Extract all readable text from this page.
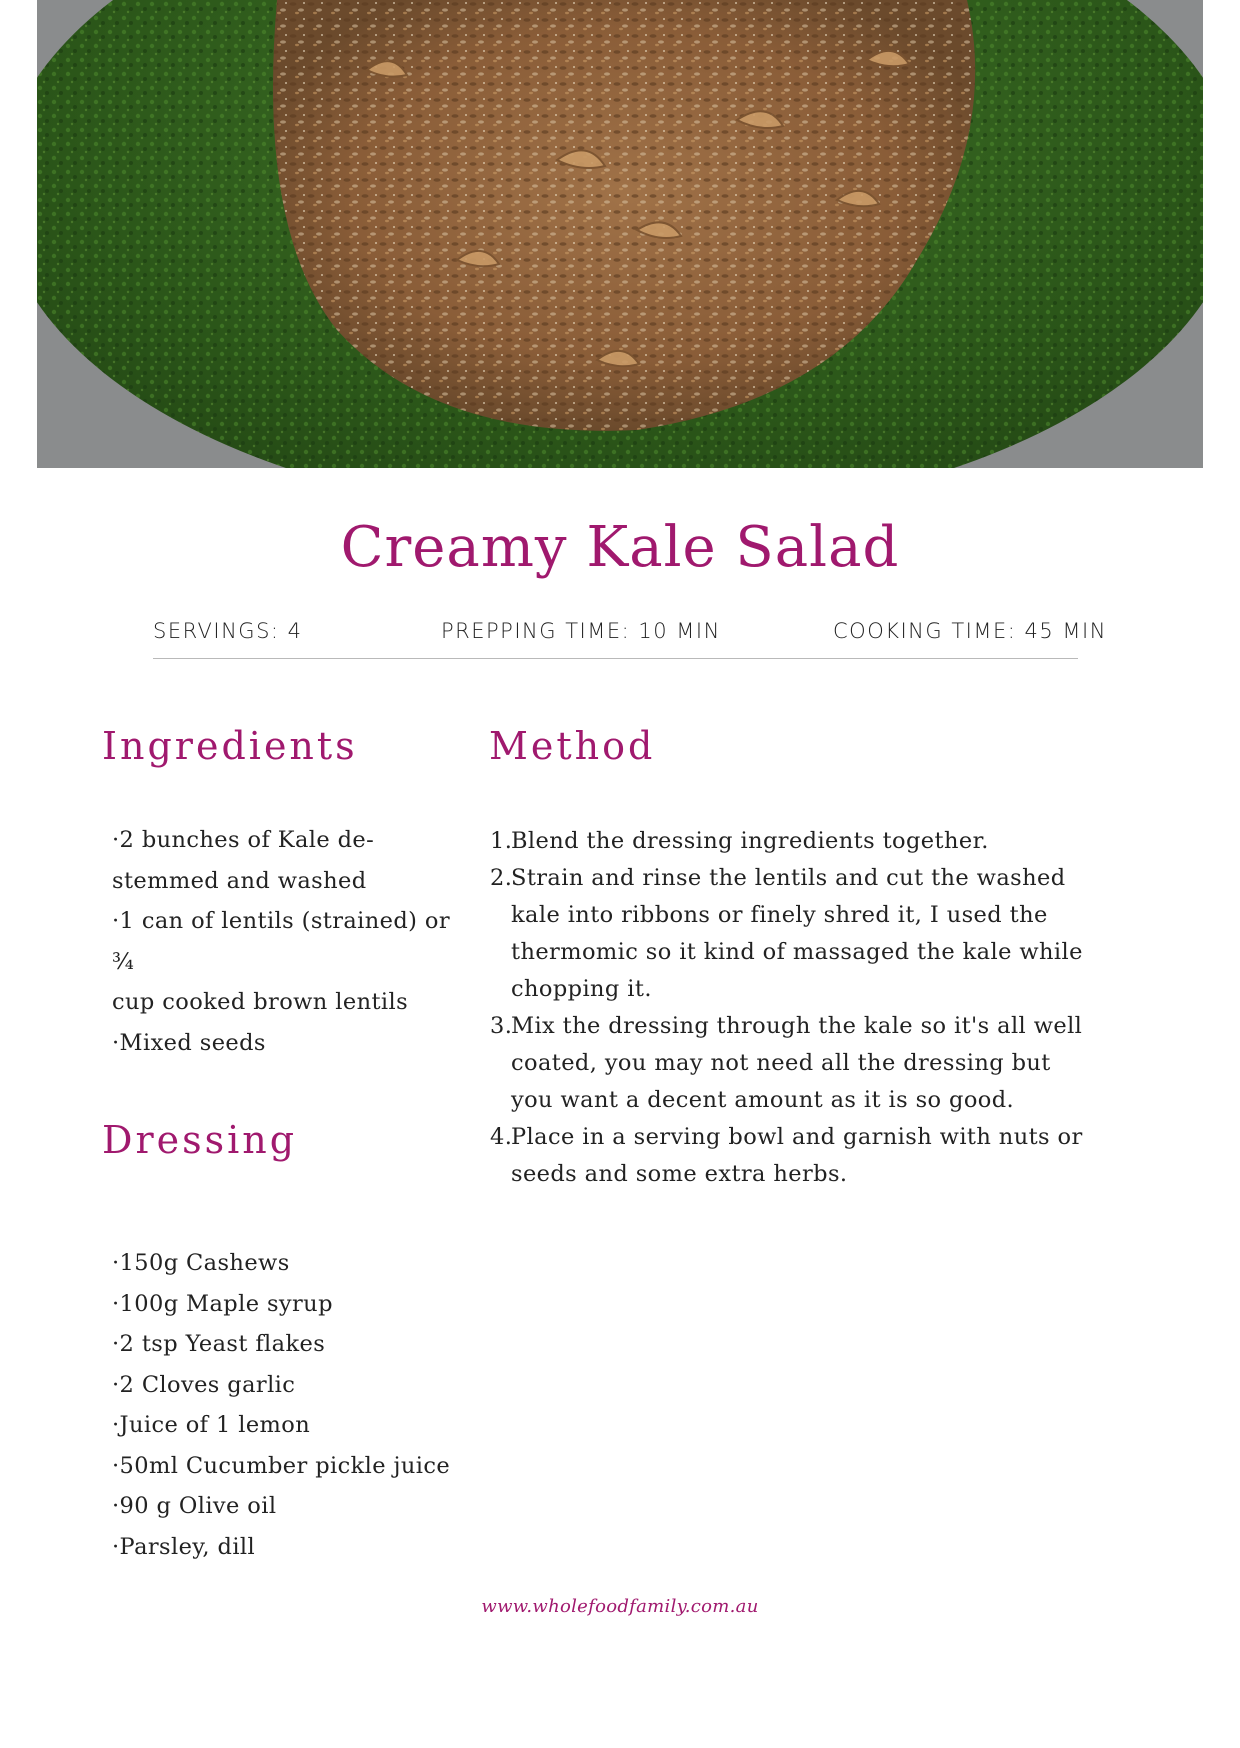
Creamy Kale Salad
SERVINGS: 4	PREPPING TIME: 10 MIN	COOKING TIME: 45 MIN
Ingredients
·2 bunches of Kale de-
stemmed and washed
·1 can of lentils (strained) or ¾
cup cooked brown lentils
·Mixed seeds
Dressing
·150g Cashews
·100g Maple syrup
·2 tsp Yeast flakes
·2 Cloves garlic
·Juice of 1 lemon
·50ml Cucumber pickle juice
·90 g Olive oil
·Parsley, dill
Method
1.
Blend the dressing ingredients together.
2.
Strain and rinse the lentils and cut the washed kale into ribbons or finely shred it, I used the thermomic so it kind of massaged the kale while chopping it.
3.
Mix the dressing through the kale so it's all well coated, you may not need all the dressing but you want a decent amount as it is so good.
4.
Place in a serving bowl and garnish with nuts or seeds and some extra herbs.
www.wholefoodfamily.com.au
